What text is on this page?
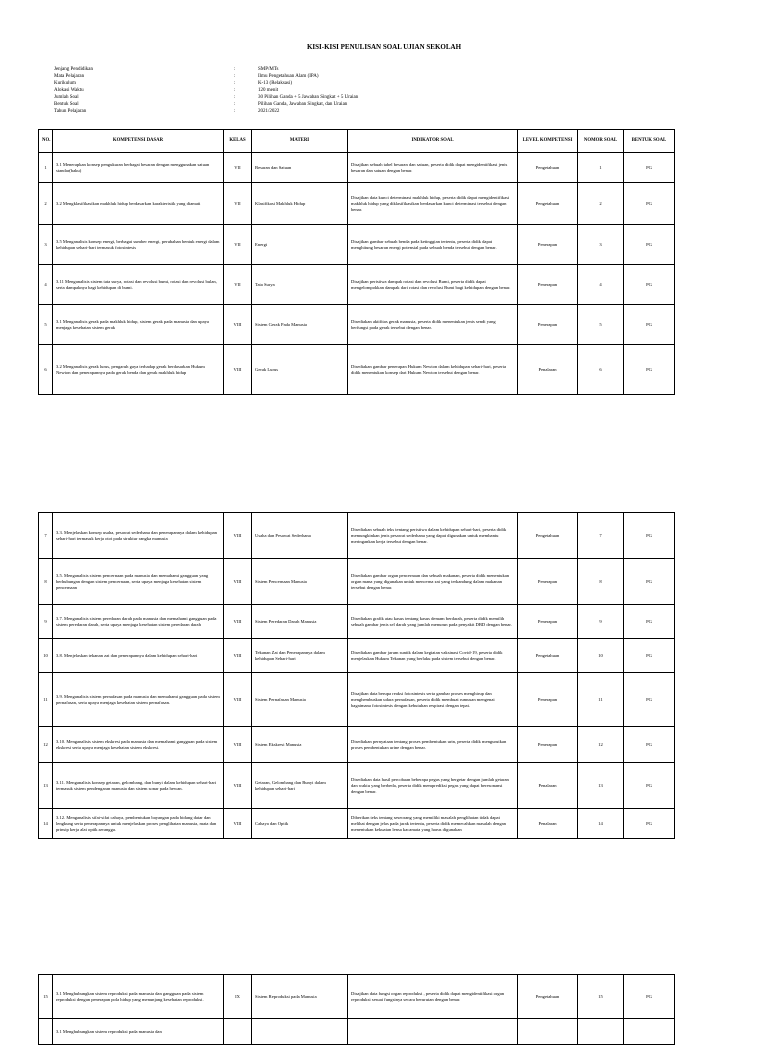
KISI-KISI PENULISAN SOAL UJIAN SEKOLAH
Jenjang Pendidikan	:	SMP/MTs
Mata Pelajaran	:	Ilmu Pengetahuan Alam (IPA)
Kurikulum	:	K-13 (Relaksasi)
Alokasi Waktu	:	120 menit
Jumlah Soal	:	30 Pilihan Ganda + 5 Jawaban Singkat + 5 Uraian
Bentuk Soal	:	Pilihan Ganda, Jawaban Singkat, dan Uraian
Tahun Pelajaran	:	2021/2022
NO.	KOMPETENSI DASAR	KELAS	MATERI	INDIKATOR SOAL	LEVEL KOMPETENSI	NOMOR SOAL	BENTUK SOAL
1	3.1 Menerapkan konsep pengukuran berbagai besaran dengan menggunakan satuan standar(baku)	VII	Besaran dan Satuan	Disajikan sebuah tabel besaran dan satuan, peserta didik dapat mengidentifikasi jenis besaran dan satuan dengan benar.	Pengetahuan	1	PG
2	3.2 Mengklasifikasikan makhluk hidup berdasarkan karakteristik yang diamati	VII	Klasifikasi Makhluk Hidup	Disajikan data kunci determinasi makhluk hidup, peserta didik dapat mengidentifikasi makhluk hidup yang diklasifikasikan berdasarkan kunci determinasi tersebut dengan benar.	Pengetahuan	2	PG
3	3.5 Menganalisis konsep energi, berbagai sumber energi, perubahan bentuk energi dalam kehidupan sehari-hari termasuk fotosintesis	VII	Energi	Disajikan gambar sebuah benda pada ketinggian tertentu, peserta didik dapat menghitung besaran energi potensial pada sebuah benda tersebut dengan benar.	Penerapan	3	PG
4	3.11 Menganalisis sistem tata surya, rotasi dan revolusi bumi, rotasi dan revolusi bulan, serta dampaknya bagi kehidupan di bumi.	VII	Tata Surya	Disajikan peristiwa dampak rotasi dan revolusi Bumi, peserta didik dapat mengelompokkan dampak dari rotasi dan revolusi Bumi bagi kehidupan dengan benar.	Penerapan	4	PG
5	3.1 Menganalisis gerak pada makhluk hidup, sistem gerak pada manusia dan upaya menjaga kesehatan sistem gerak	VIII	Sistem Gerak Pada Manusia	Disediakan aktifitas gerak manusia, peserta didik menentukan jenis sendi yang berfungsi pada gerak tersebut dengan benar.	Penerapan	5	PG
6	3.2 Menganalisis gerak lurus, pengaruh gaya terhadap gerak berdasarkan Hukum Newton dan penerapannya pada gerak benda dan gerak makhluk hidup	VIII	Gerak Lurus	Disediakan gambar penerapan Hukum Newton dalam kehidupan sehari-hari, peserta didik menentukan konsep dari Hukum Newton tersebut dengan benar.	Penalaran	6	PG
7	3.3. Menjelaskan konsep usaha, pesawat sederhana dan penerapannya dalam kehidupan sehari-hari termasuk kerja otot pada struktur rangka manusia	VIII	Usaha dan Pesawat Sederhana	Disediakan sebuah teks tentang peristiwa dalam kehidupan sehari-hari, peserta didik memungkinkan jenis pesawat sederhana yang dapat digunakan untuk membantu meringankan kerja tersebut dengan benar.	Pengetahuan	7	PG
8	3.5. Menganalisis sistem pencernaan pada manusia dan memahami gangguan yang berhubungan dengan sistem pencernaan, serta upaya menjaga kesehatan sistem pencernaan	VIII	Sistem Pencernaan Manusia	Disediakan gambar organ pencernaan dan sebuah makanan, peserta didik menentukan organ mana yang digunakan untuk mencerna zat yang terkandung dalam makanan tersebut dengan benar.	Penerapan	8	PG
9	3.7. Menganalisis sistem peredaran darah pada manusia dan memahami gangguan pada sistem peredaran darah, serta upaya menjaga kesehatan sistem peredaran darah	VIII	Sistem Peredaran Darah Manusia	Disediakan grafik atau kasus tentang kasus demam berdarah, peserta didik memilih sebuah gambar jenis sel darah yang jumlah menurun pada penyakit DBD dengan benar.	Penerapan	9	PG
10	3.8. Menjelaskan tekanan zat dan penerapannya dalam kehidupan sehari-hari	VIII	Tekanan Zat dan Penerapannya dalam kehidupan Sehari-hari	Disediakan gambar jarum suntik dalam kegiatan vaksinasi Covid-19, peserta didik menjelaskan Hukum Tekanan yang berlaku pada sistem tersebut dengan benar.	Pengetahuan	10	PG
11	3.9. Menganalisis sistem pernafasan pada manusia dan memahami gangguan pada sistem pernafasan, serta upaya menjaga kesehatan sistem pernafasan.	VIII	Sistem Pernafasan Manusia	Disajikan data berupa reaksi fotosintesis serta gambar proses menghirup dan menghembuskan udara pernafasan, peserta didik membuat rumusan mengenai bagaimana fotosintesis dengan kebutuhan respirasi dengan tepat.	Penerapan	11	PG
12	3.10. Menganalisis sistem ekskresi pada manusia dan memahami gangguan pada sistem ekskresi serta upaya menjaga kesehatan sistem ekskresi.	VIII	Sistem Ekskresi Manusia	Disediakan pernyataan tentang proses pembentukan urin, peserta didik mengurutkan proses pembentukan urine dengan benar.	Penerapan	12	PG
13	3.11. Menganalisis konsep getaran, gelombang, dan bunyi dalam kehidupan sehari-hari termasuk sistem pendengaran manusia dan sistem sonar pada hewan.	VIII	Getaran, Gelombang dan Bunyi dalam kehidupan sehari-hari	Disediakan data hasil percobaan beberapa pegas yang bergetar dengan jumlah getaran dan waktu yang berbeda, peserta didik memprediksi pegas yang dapat beresonansi dengan benar.	Penalaran	13	PG
14	3.12. Menganalisis sifat-sifat cahaya, pembentukan bayangan pada bidang datar dan lengkung serta penerapannya untuk menjelaskan proses penglihatan manusia, mata dan prinsip kerja alat optik.serangga.	VIII	Cahaya dan Optik	Diberikan teks tentang seseorang yang memiliki masalah penglihatan tidak dapat melihat dengan jelas pada jarak tertentu, peserta didik memecahkan masalah dengan menentukan kekuatan lensa kacamata yang harus digunakan	Penalaran	14	PG
15	3.1 Menghubungkan sistem reproduksi pada manusia dan gangguan pada sistem reproduksi dengan penerapan pola hidup yang menunjang kesehatan reproduksi.	IX	Sistem Reproduksi pada Manusia	Disajikan data fungsi organ reproduksi , peserta didik dapat mengidentifikasi organ reproduksi sesuai fungsinya secara berurutan dengan benar.	Pengetahuan	15	PG
	3.1 Menghubungkan sistem reproduksi pada manusia dan						
